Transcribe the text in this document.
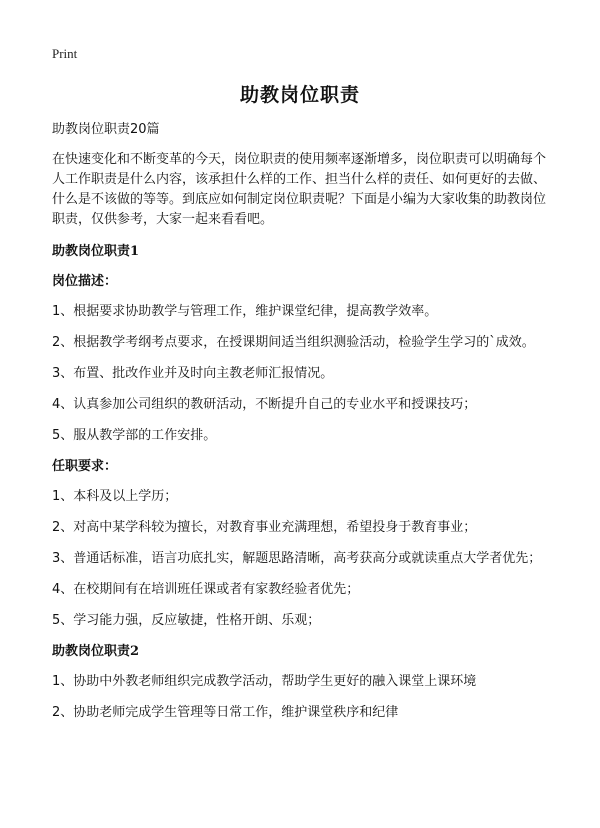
Print
助教岗位职责

助教岗位职责20篇

在快速变化和不断变革的今天，岗位职责的使用频率逐渐增多，岗位职责可以明确每个人工作职责是什么内容，该承担什么样的工作、担当什么样的责任、如何更好的去做、什么是不该做的等等。到底应如何制定岗位职责呢？下面是小编为大家收集的助教岗位职责，仅供参考，大家一起来看看吧。

助教岗位职责1

岗位描述：

1、根据要求协助教学与管理工作，维护课堂纪律，提高教学效率。

2、根据教学考纲考点要求，在授课期间适当组织测验活动，检验学生学习的`成效。

3、布置、批改作业并及时向主教老师汇报情况。

4、认真参加公司组织的教研活动，不断提升自己的专业水平和授课技巧；

5、服从教学部的工作安排。

任职要求：

1、本科及以上学历；

2、对高中某学科较为擅长，对教育事业充满理想，希望投身于教育事业；

3、普通话标准，语言功底扎实，解题思路清晰，高考获高分或就读重点大学者优先；

4、在校期间有在培训班任课或者有家教经验者优先；

5、学习能力强，反应敏捷，性格开朗、乐观；

助教岗位职责2

1、协助中外教老师组织完成教学活动，帮助学生更好的融入课堂上课环境

2、协助老师完成学生管理等日常工作，维护课堂秩序和纪律
